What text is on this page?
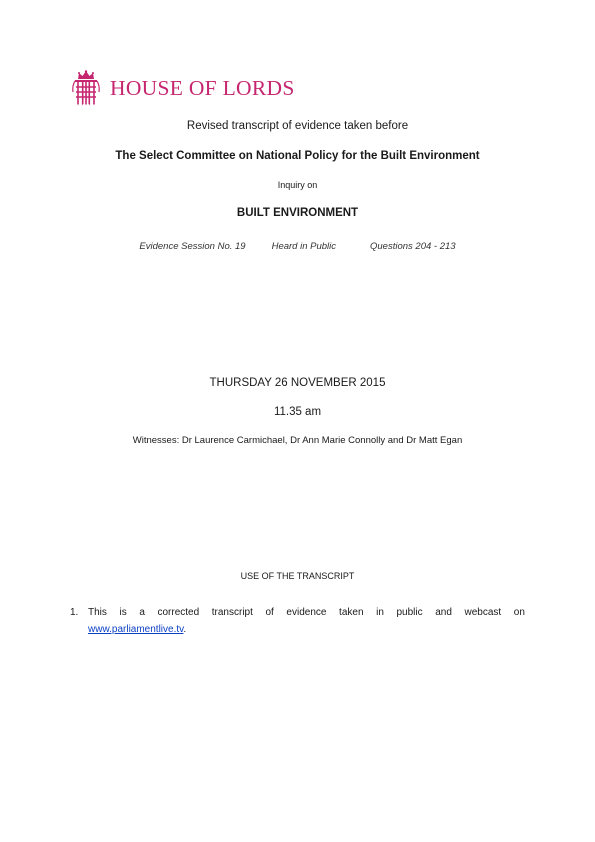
HOUSE OF LORDS
Revised transcript of evidence taken before
The Select Committee on National Policy for the Built Environment
Inquiry on
BUILT ENVIRONMENT
Evidence Session No. 19	Heard in Public	Questions 204 - 213
THURSDAY 26 NOVEMBER 2015
11.35 am
Witnesses: Dr Laurence Carmichael, Dr Ann Marie Connolly and Dr Matt Egan
USE OF THE TRANSCRIPT
1. This is a corrected transcript of evidence taken in public and webcast on
www.parliamentlive.tv.
